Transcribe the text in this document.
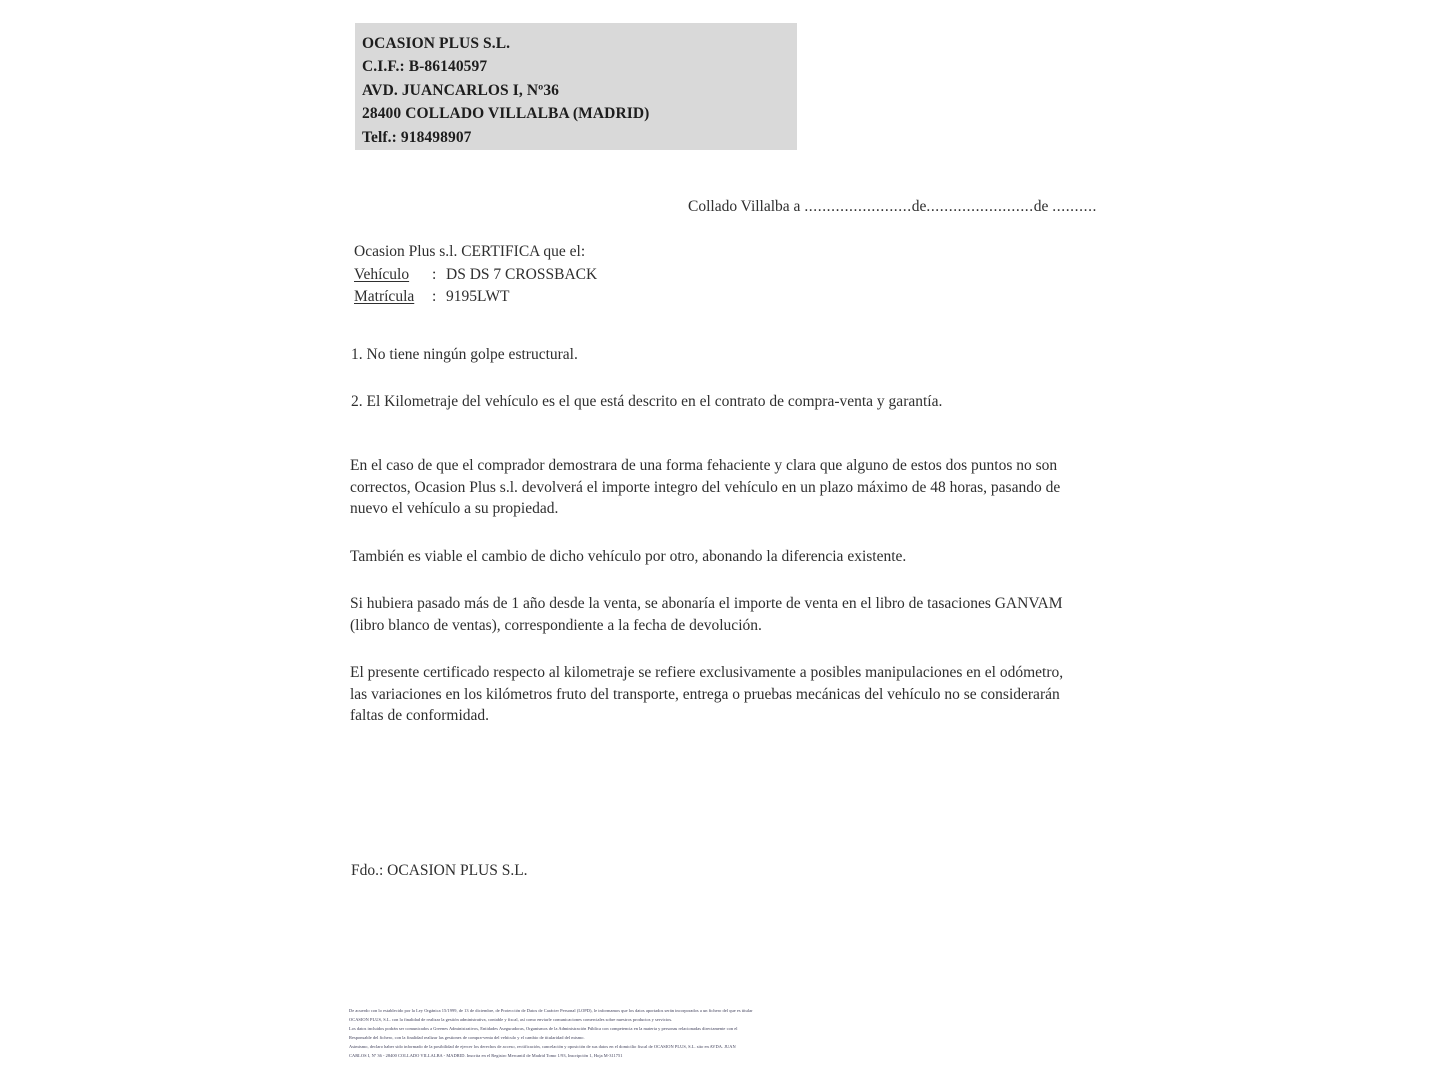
OCASION PLUS S.L.
C.I.F.: B-86140597
AVD. JUANCARLOS I, Nº36
28400 COLLADO VILLALBA (MADRID)
Telf.: 918498907
Collado Villalba a ........................de........................de ..........
Ocasion Plus s.l. CERTIFICA que el:
Vehículo : DS DS 7 CROSSBACK
Matrícula : 9195LWT

1. No tiene ningún golpe estructural.

2. El Kilometraje del vehículo es el que está descrito en el contrato de compra-venta y garantía.

En el caso de que el comprador demostrara de una forma fehaciente y clara que alguno de estos dos puntos no son correctos, Ocasion Plus s.l. devolverá el importe integro del vehículo en un plazo máximo de 48 horas, pasando de nuevo el vehículo a su propiedad.

También es viable el cambio de dicho vehículo por otro, abonando la diferencia existente.

Si hubiera pasado más de 1 año desde la venta, se abonaría el importe de venta en el libro de tasaciones GANVAM (libro blanco de ventas), correspondiente a la fecha de devolución.

El presente certificado respecto al kilometraje se refiere exclusivamente a posibles manipulaciones en el odómetro, las variaciones en los kilómetros fruto del transporte, entrega o pruebas mecánicas del vehículo no se considerarán faltas de conformidad.

Fdo.: OCASION PLUS S.L.
De acuerdo con lo establecido por la Ley Orgánica 15/1999, de 13 de diciembre, de Protección de Datos de Carácter Personal (LOPD), le informamos que los datos aportados serán incorporados a un fichero del que es titular
OCASION PLUS, S.L. con la finalidad de realizar la gestión administrativa, contable y fiscal, así como enviarle comunicaciones comerciales sobre nuestros productos y servicios.
Los datos incluidos podrán ser comunicados a Greenes Administrativos, Entidades Aseguradoras, Organismos de la Administración Pública con competencia en la materia y personas relacionadas directamente con el
Responsable del fichero, con la finalidad realizar las gestiones de compra-venta del vehículo y el cambio de titularidad del mismo.
Asimismo, declaro haber sido informado de la posibilidad de ejercer los derechos de acceso, rectificación, cancelación y oposición de sus datos en el domicilio fiscal de OCASION PLUS, S.L. sito en AVDA. JUAN
CARLOS I, Nº 36 - 28400 COLLADO VILLALBA - MADRID. Inscrita en el Registro Mercantil de Madrid Tomo 1/93, Inscripción 1, Hoja M-311751
